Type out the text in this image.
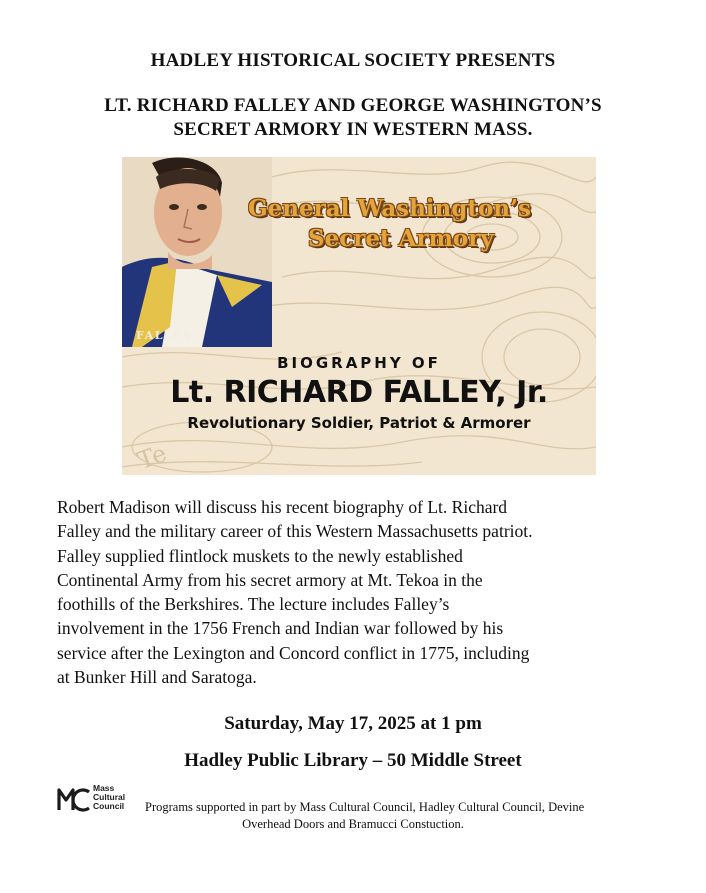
HADLEY HISTORICAL SOCIETY PRESENTS

LT. RICHARD FALLEY AND GEORGE WASHINGTON’S

SECRET ARMORY IN WESTERN MASS.

FALLEY
General Washington’s
Secret Armory
BIOGRAPHY OF
Lt. RICHARD FALLEY, Jr.
Revolutionary Soldier, Patriot & Armorer
Te

Robert Madison will discuss his recent biography of Lt. Richard
Falley and the military career of this Western Massachusetts patriot.
Falley supplied flintlock muskets to the newly established
Continental Army from his secret armory at Mt. Tekoa in the
foothills of the Berkshires. The lecture includes Falley’s
involvement in the 1756 French and Indian war followed by his
service after the Lexington and Concord conflict in 1775, including
at Bunker Hill and Saratoga.

Saturday, May 17, 2025 at 1 pm

Hadley Public Library – 50 Middle Street

Mass
Cultural
Council Programs supported in part by Mass Cultural Council, Hadley Cultural Council, Devine
Overhead Doors and Bramucci Constuction.
